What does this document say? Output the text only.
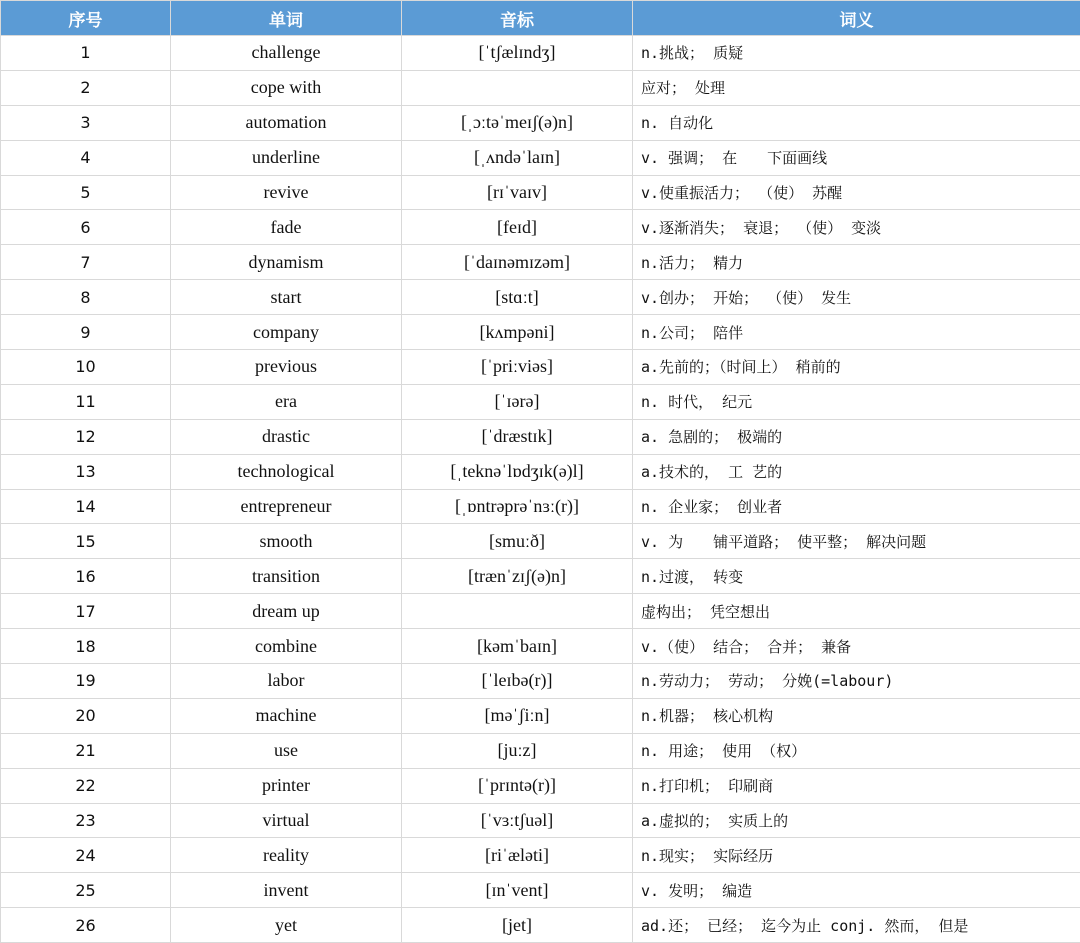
序号	单词	音标	词义
1	challenge	[ˈtʃælɪndʒ]	n.挑战； 质疑
2	cope with		应对； 处理
3	automation	[ˌɔːtəˈmeɪʃ(ə)n]	n. 自动化
4	underline	[ˌʌndəˈlaɪn]	v. 强调； 在　　下面画线
5	revive	[rɪˈvaɪv]	v.使重振活力； （使） 苏醒
6	fade	[feɪd]	v.逐渐消失； 衰退； （使） 变淡
7	dynamism	[ˈdaɪnəmɪzəm]	n.活力； 精力
8	start	[stɑːt]	v.创办； 开始； （使） 发生
9	company	[kʌmpəni]	n.公司； 陪伴
10	previous	[ˈpriːviəs]	a.先前的；（时间上） 稍前的
11	era	[ˈɪərə]	n. 时代， 纪元
12	drastic	[ˈdræstɪk]	a. 急剧的； 极端的
13	technological	[ˌteknəˈlɒdʒɪk(ə)l]	a.技术的， 工 艺的
14	entrepreneur	[ˌɒntrəprəˈnɜː(r)]	n. 企业家； 创业者
15	smooth	[smuːð]	v. 为　　铺平道路； 使平整； 解决问题
16	transition	[trænˈzɪʃ(ə)n]	n.过渡， 转变
17	dream up		虚构出； 凭空想出
18	combine	[kəmˈbaɪn]	v.（使） 结合； 合并； 兼备
19	labor	[ˈleɪbə(r)]	n.劳动力； 劳动； 分娩(=labour)
20	machine	[məˈʃiːn]	n.机器； 核心机构
21	use	[juːz]	n. 用途； 使用 （权）
22	printer	[ˈprɪntə(r)]	n.打印机； 印刷商
23	virtual	[ˈvɜːtʃuəl]	a.虚拟的； 实质上的
24	reality	[riˈæləti]	n.现实； 实际经历
25	invent	[ɪnˈvent]	v. 发明； 编造
26	yet	[jet]	ad.还； 已经； 迄今为止 conj. 然而， 但是
